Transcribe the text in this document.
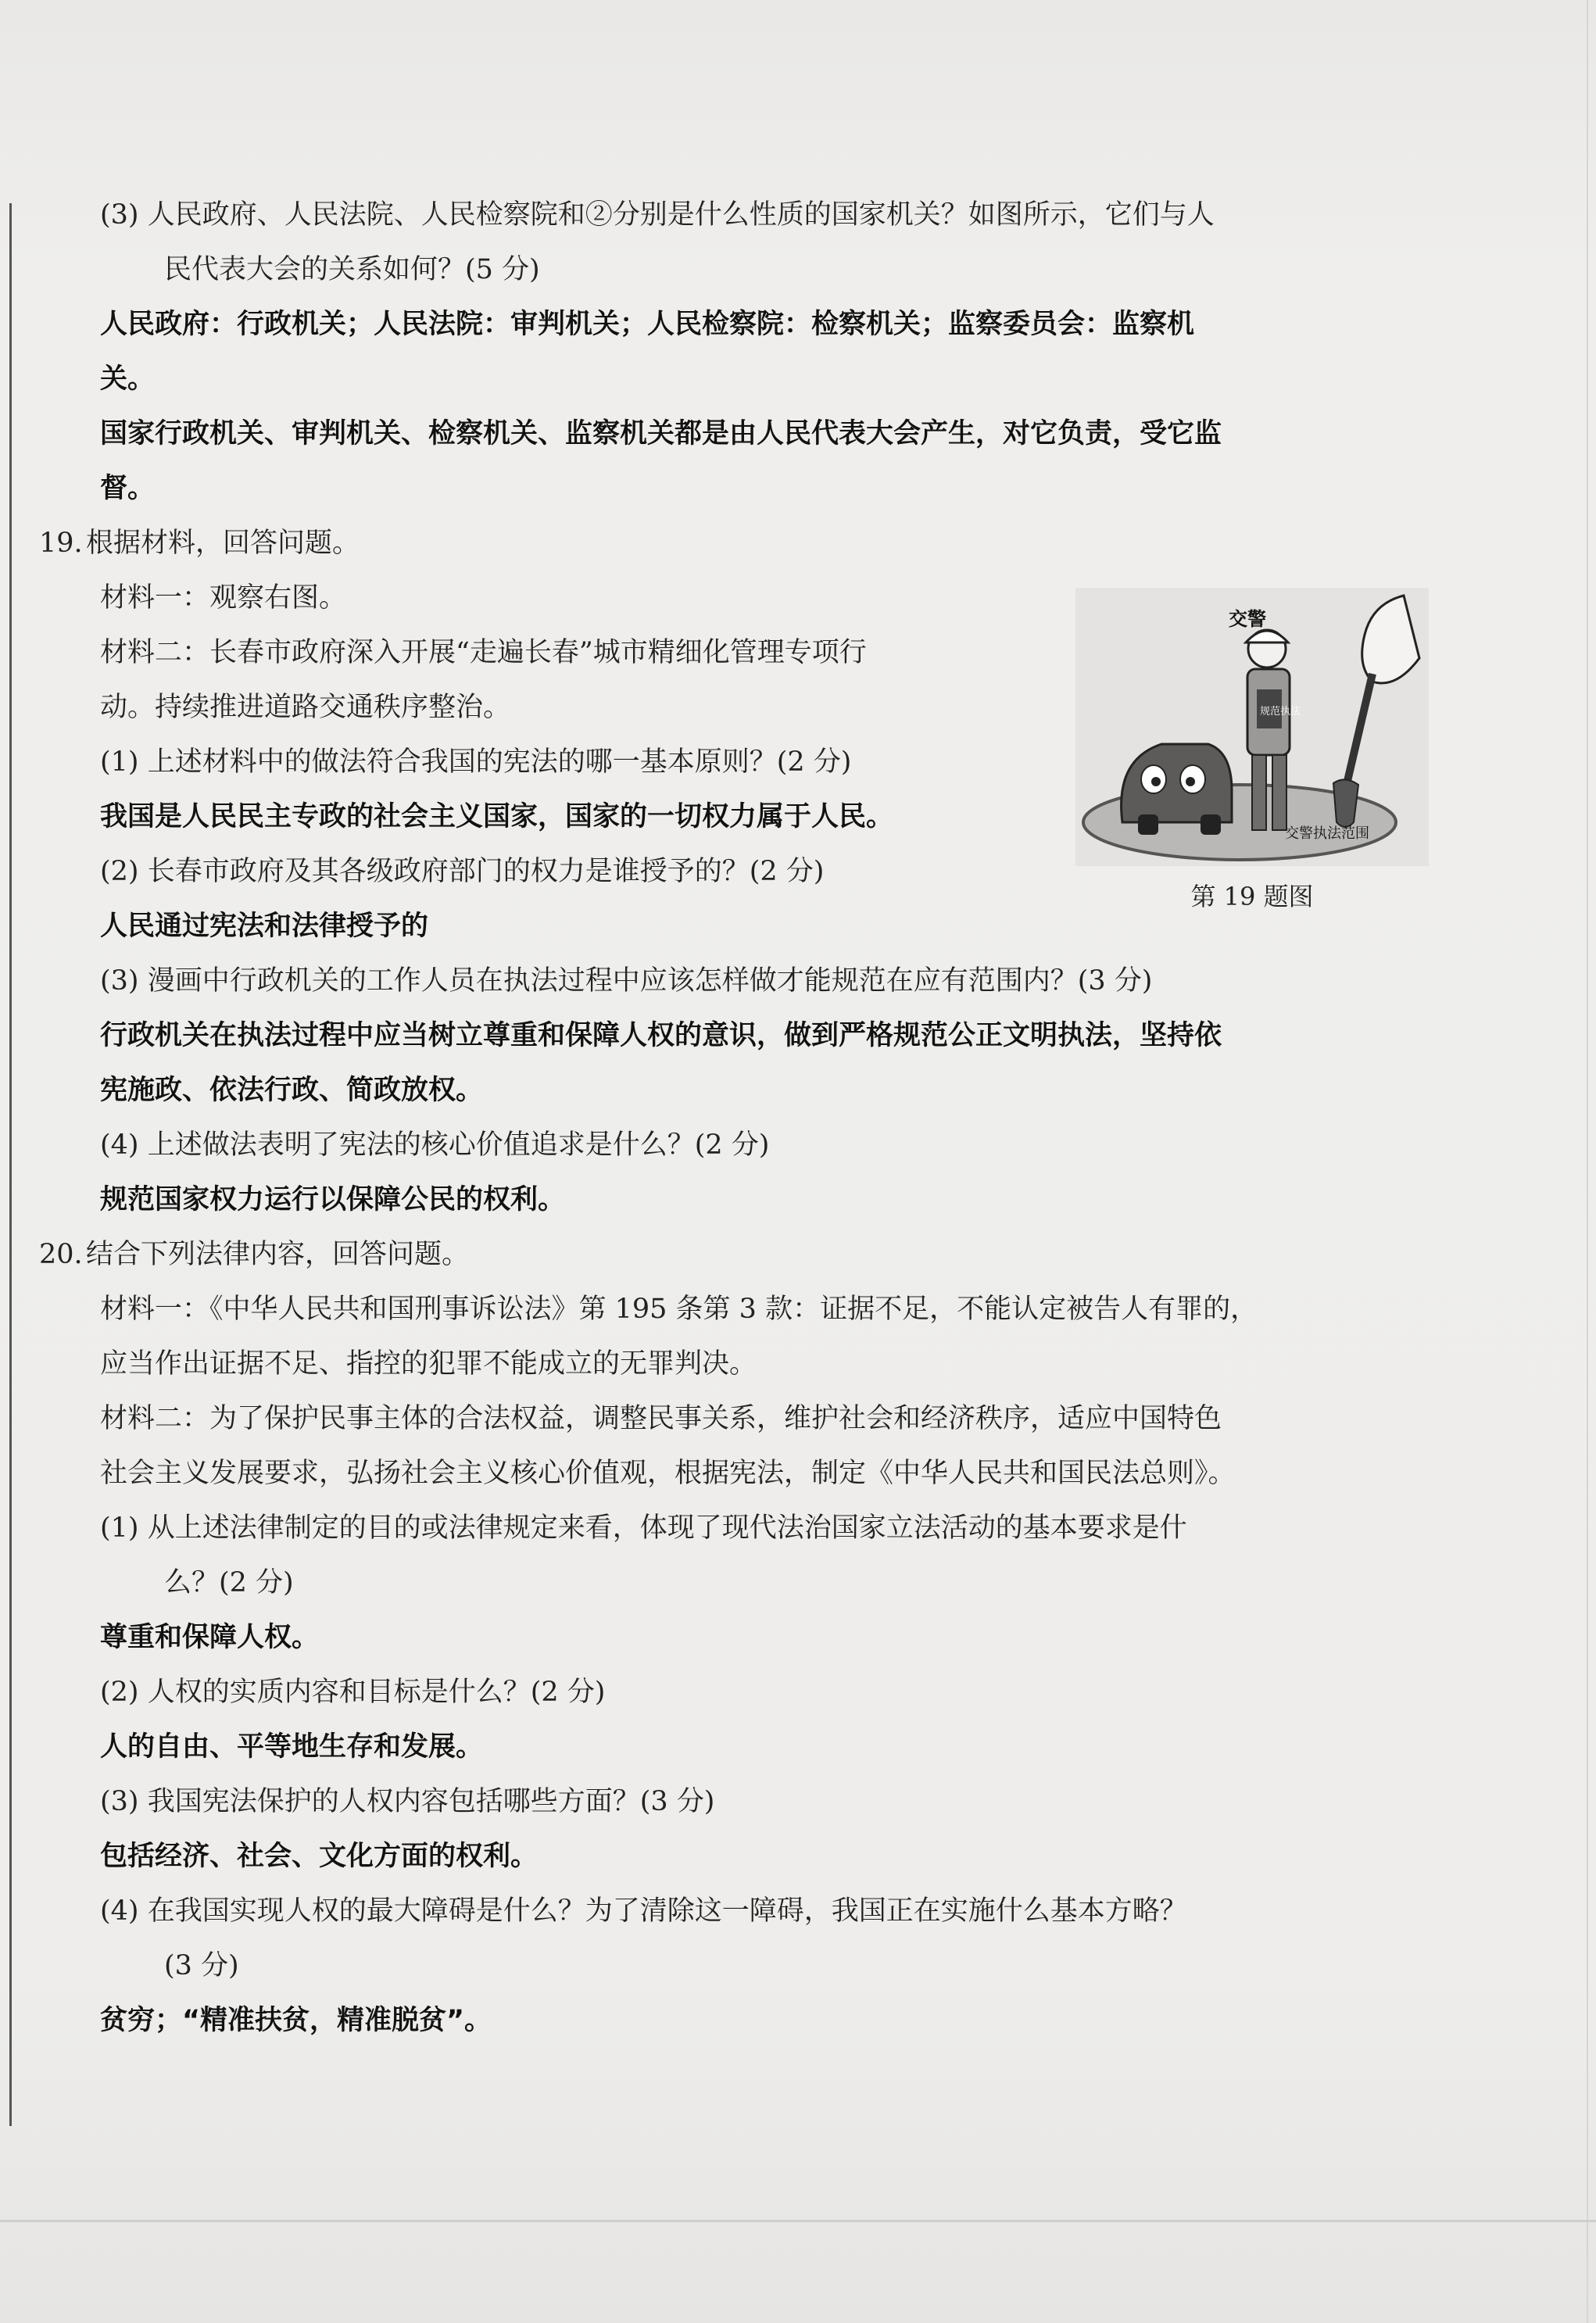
(3) 人民政府、人民法院、人民检察院和②分别是什么性质的国家机关？如图所示，它们与人
民代表大会的关系如何？(5 分)
人民政府：行政机关；人民法院：审判机关；人民检察院：检察机关；监察委员会：监察机
关。
国家行政机关、审判机关、检察机关、监察机关都是由人民代表大会产生，对它负责，受它监
督。
19. 根据材料，回答问题。
材料一：观察右图。
材料二：长春市政府深入开展“走遍长春”城市精细化管理专项行
动。持续推进道路交通秩序整治。
(1) 上述材料中的做法符合我国的宪法的哪一基本原则？(2 分)
我国是人民民主专政的社会主义国家，国家的一切权力属于人民。
(2) 长春市政府及其各级政府部门的权力是谁授予的？(2 分)
人民通过宪法和法律授予的
(3) 漫画中行政机关的工作人员在执法过程中应该怎样做才能规范在应有范围内？(3 分)
行政机关在执法过程中应当树立尊重和保障人权的意识，做到严格规范公正文明执法，坚持依
宪施政、依法行政、简政放权。
(4) 上述做法表明了宪法的核心价值追求是什么？(2 分)
规范国家权力运行以保障公民的权利。
20. 结合下列法律内容，回答问题。
材料一：《中华人民共和国刑事诉讼法》第 195 条第 3 款：证据不足，不能认定被告人有罪的，
应当作出证据不足、指控的犯罪不能成立的无罪判决。
材料二：为了保护民事主体的合法权益，调整民事关系，维护社会和经济秩序，适应中国特色
社会主义发展要求，弘扬社会主义核心价值观，根据宪法，制定《中华人民共和国民法总则》。
(1) 从上述法律制定的目的或法律规定来看，体现了现代法治国家立法活动的基本要求是什
么？(2 分)
尊重和保障人权。
(2) 人权的实质内容和目标是什么？(2 分)
人的自由、平等地生存和发展。
(3) 我国宪法保护的人权内容包括哪些方面？(3 分)
包括经济、社会、文化方面的权利。
(4) 在我国实现人权的最大障碍是什么？为了清除这一障碍，我国正在实施什么基本方略？
(3 分)
贫穷；“精准扶贫，精准脱贫”。
交警
规范执法
交警执法范围
第 19 题图
